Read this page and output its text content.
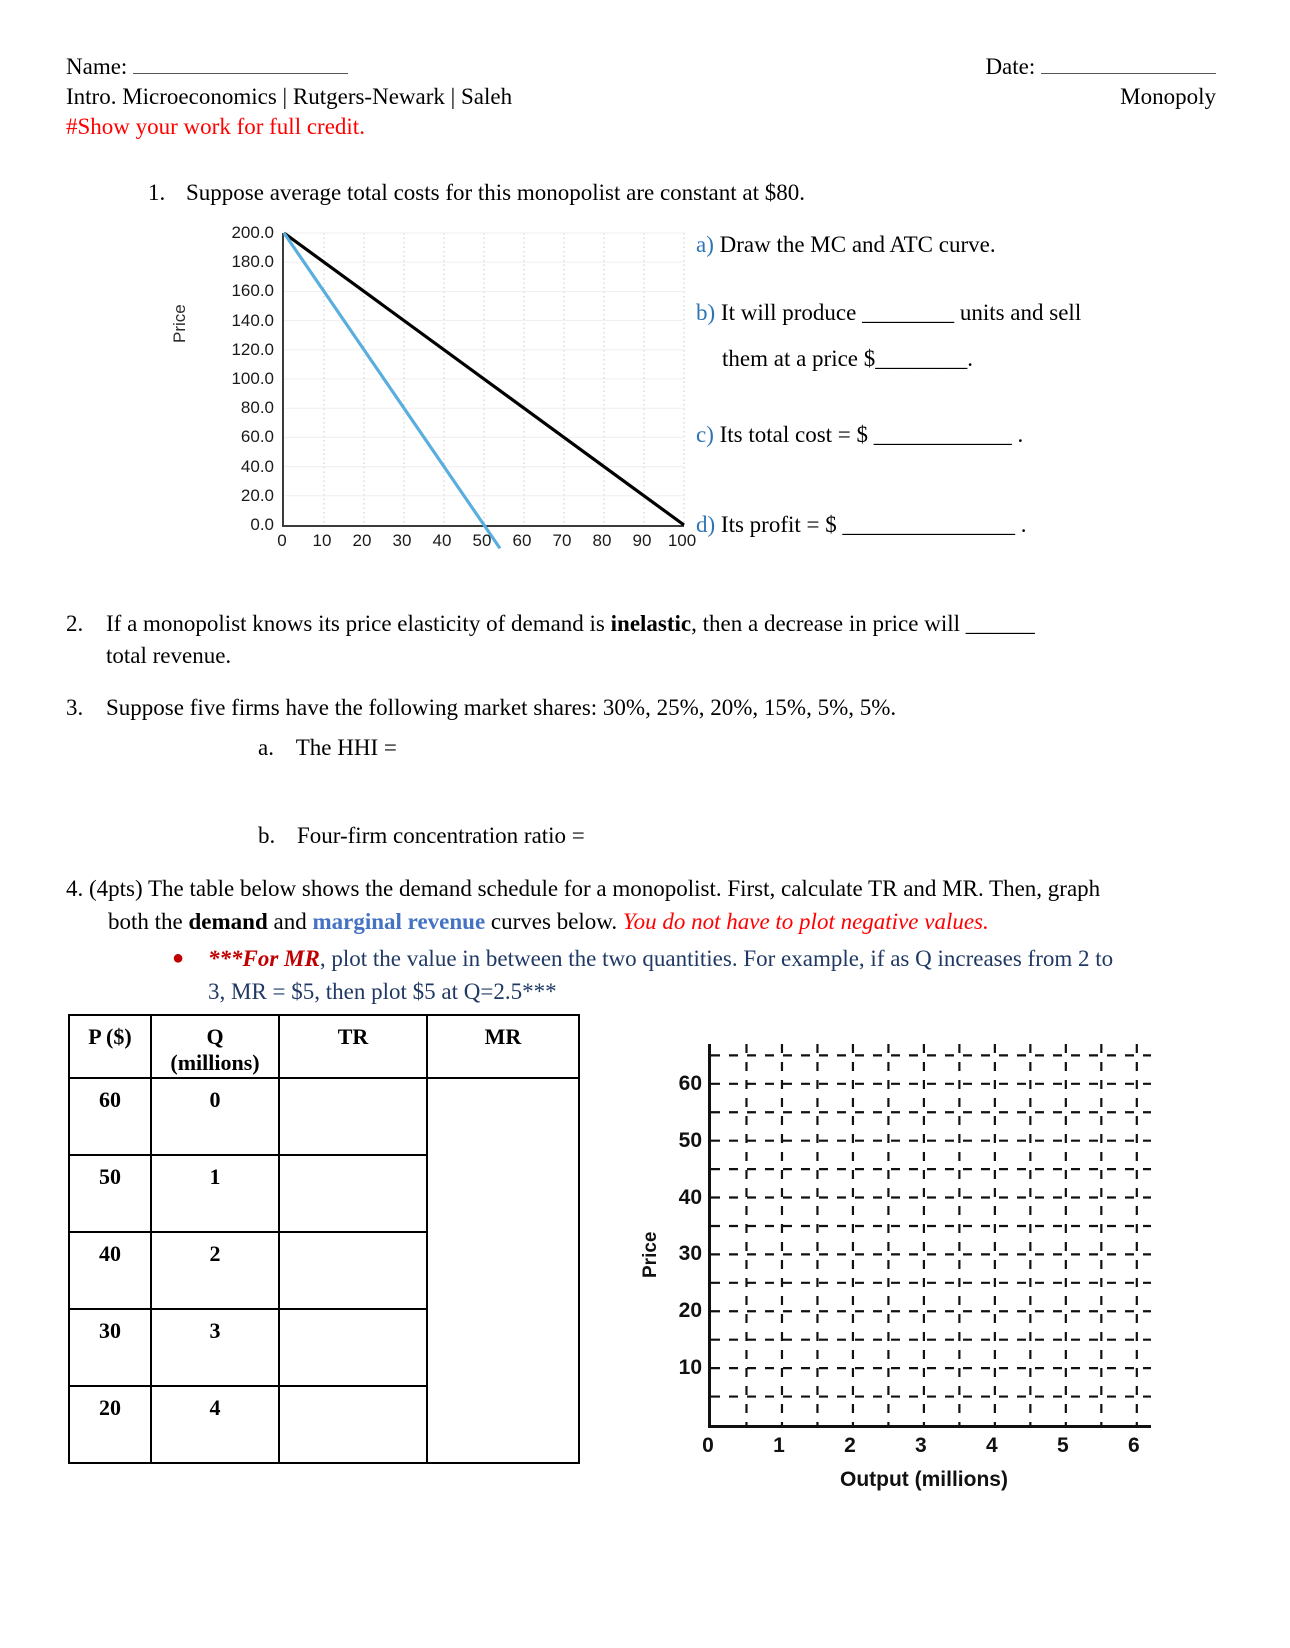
Name:	Date:
Intro. Microeconomics | Rutgers-Newark | Saleh	Monopoly
#Show your work for full credit.
1. Suppose average total costs for this monopolist are constant at $80.
Price
200.0
180.0
160.0
140.0
120.0
100.0
80.0
60.0
40.0
20.0
0.0
0 10 20 30 40 50 60 70 80 90 100
a) Draw the MC and ATC curve.
b) It will produce ________ units and sell
them at a price $________.
c) Its total cost = $ ____________ .
d) Its profit = $ _______________ .
2. If a monopolist knows its price elasticity of demand is inelastic, then a decrease in price will ______
total revenue.
3. Suppose five firms have the following market shares: 30%, 25%, 20%, 15%, 5%, 5%.
a. The HHI =
b. Four-firm concentration ratio =
4. (4pts) The table below shows the demand schedule for a monopolist. First, calculate TR and MR. Then, graph
both the demand and marginal revenue curves below. You do not have to plot negative values.
●	***For MR, plot the value in between the two quantities. For example, if as Q increases from 2 to
3, MR = $5, then plot $5 at Q=2.5***
P ($)	Q
(millions)	TR	MR
60	0		
50	1		
40	2		
30	3		
20	4		
Price
10
20
30
40
50
60
0	1	2	3	4	5	6
Output (millions)
